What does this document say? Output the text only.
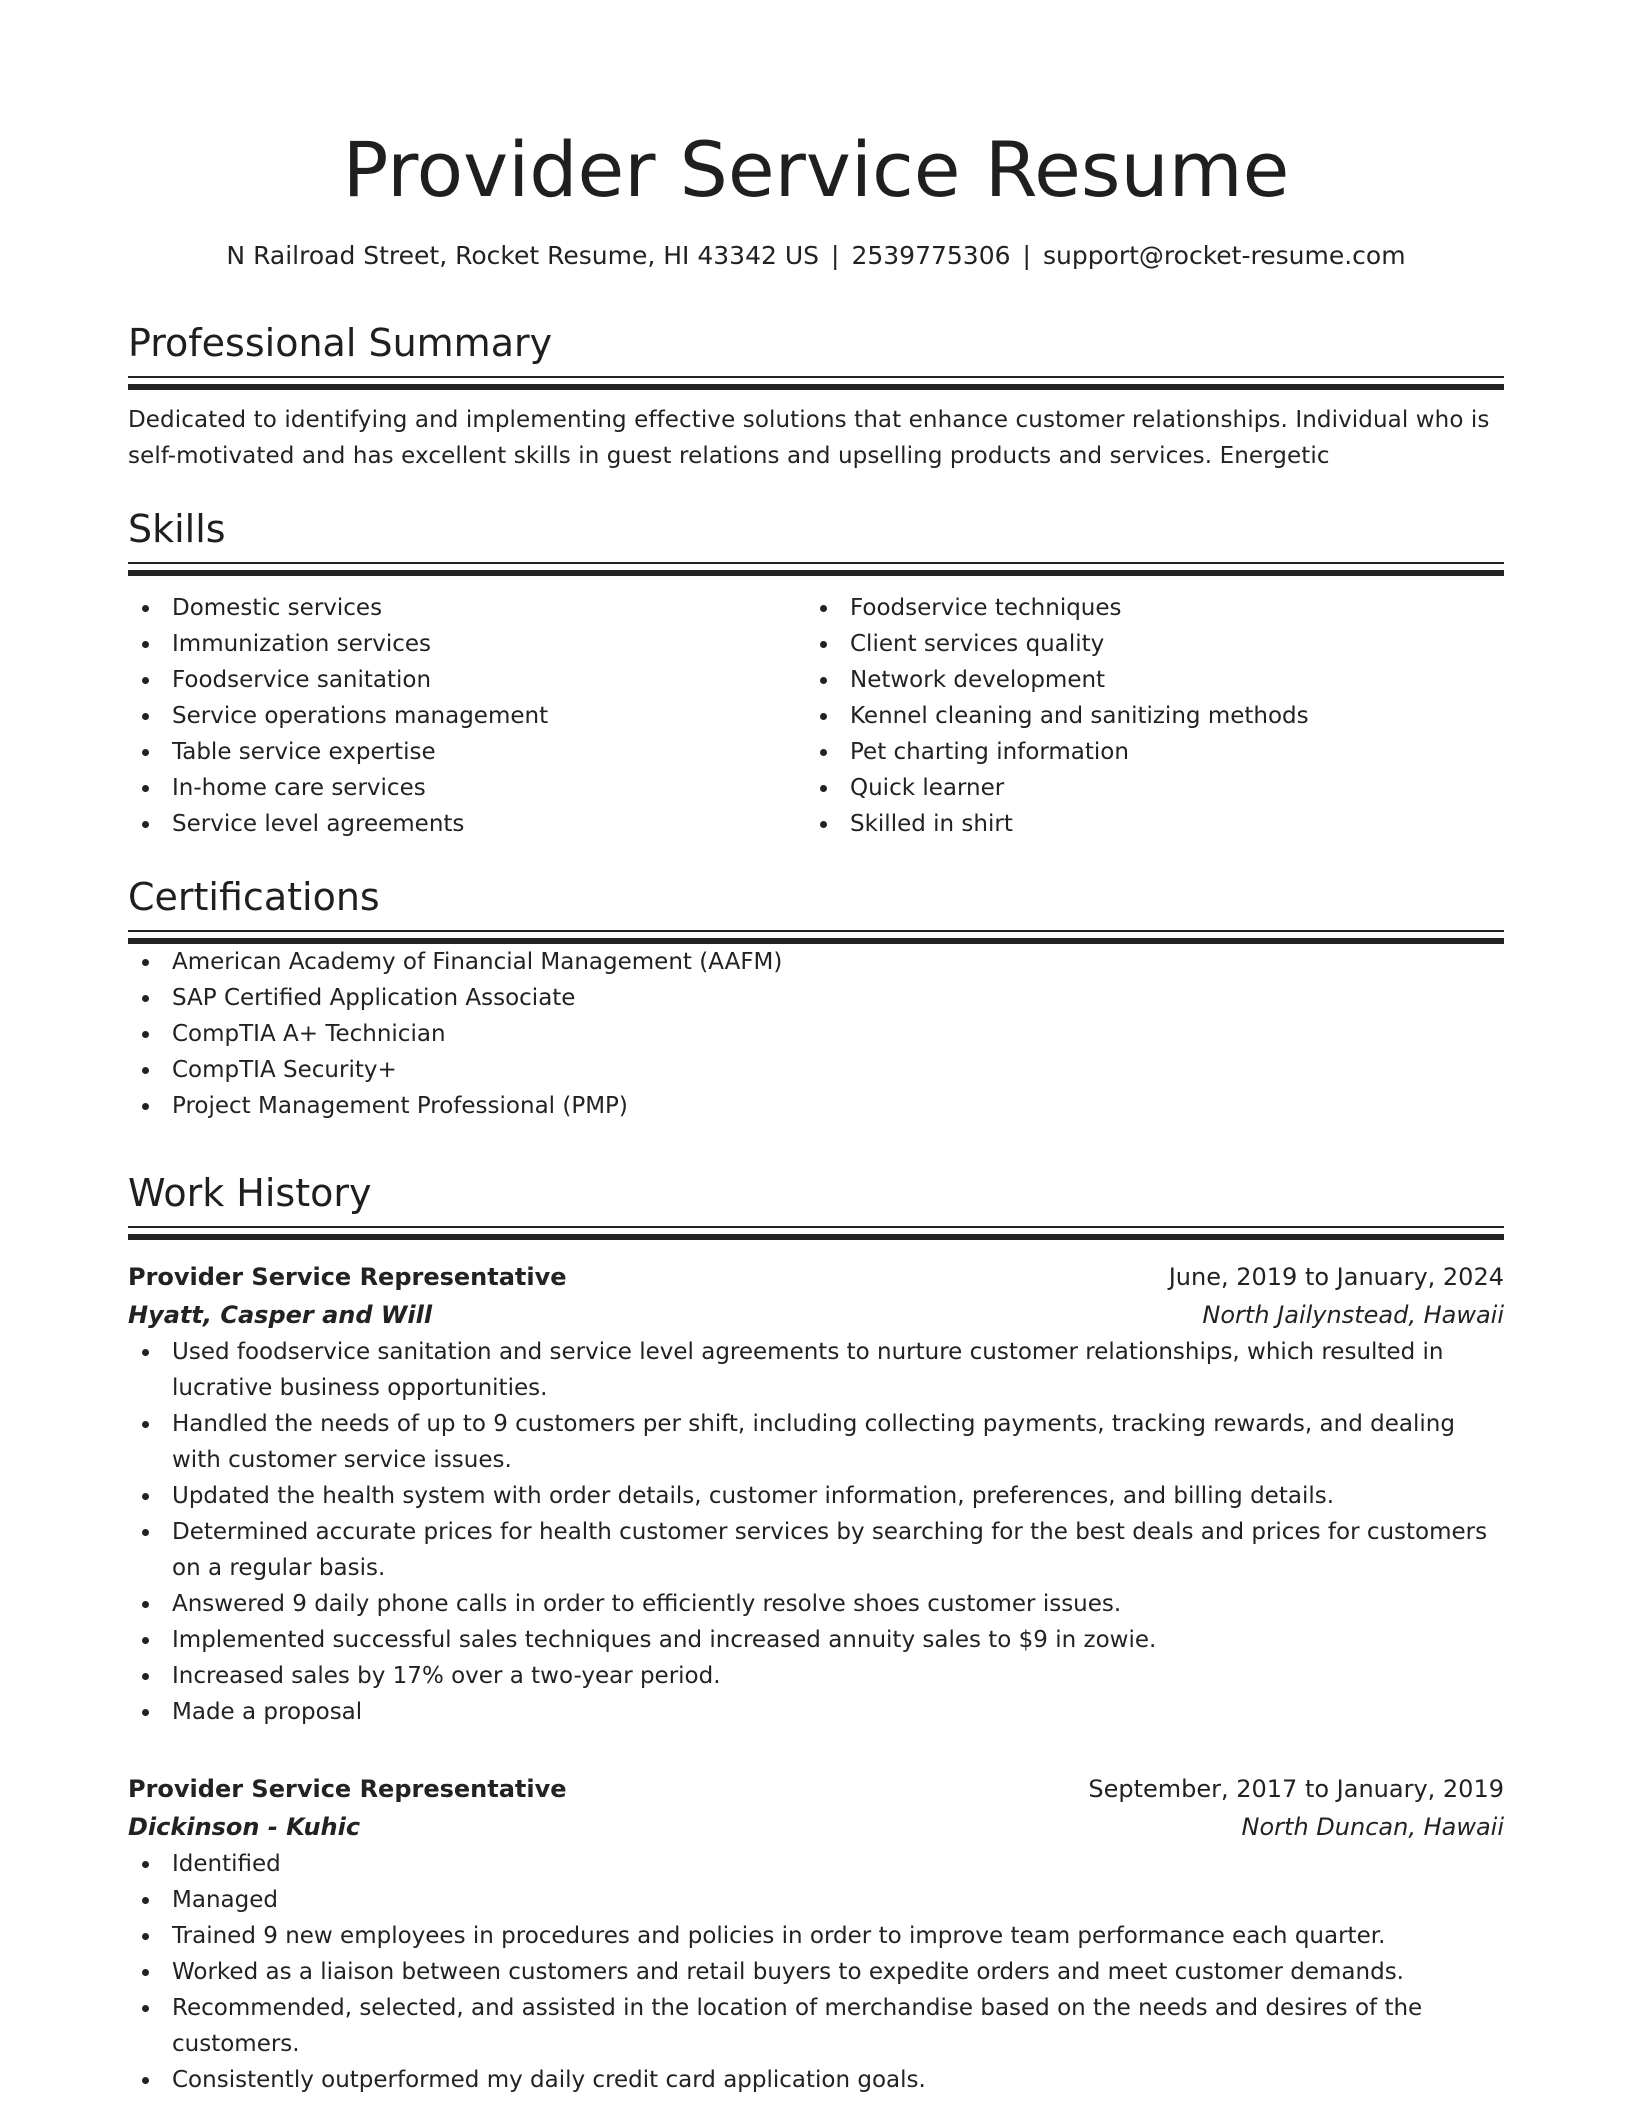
Provider Service Resume
N Railroad Street, Rocket Resume, HI 43342 US | 2539775306 | support@rocket-resume.com
Professional Summary

Dedicated to identifying and implementing effective solutions that enhance customer relationships. Individual who is self-motivated and has excellent skills in guest relations and upselling products and services. Energetic

Skills
Domestic services
Immunization services
Foodservice sanitation
Service operations management
Table service expertise
In-home care services
Service level agreements
Foodservice techniques
Client services quality
Network development
Kennel cleaning and sanitizing methods
Pet charting information
Quick learner
Skilled in shirt
Certifications
American Academy of Financial Management (AAFM)
SAP Certified Application Associate
CompTIA A+ Technician
CompTIA Security+
Project Management Professional (PMP)
Work History
Provider Service Representative	June, 2019 to January, 2024
Hyatt, Casper and Will	North Jailynstead, Hawaii
Used foodservice sanitation and service level agreements to nurture customer relationships, which resulted in lucrative business opportunities.
Handled the needs of up to 9 customers per shift, including collecting payments, tracking rewards, and dealing with customer service issues.
Updated the health system with order details, customer information, preferences, and billing details.
Determined accurate prices for health customer services by searching for the best deals and prices for customers on a regular basis.
Answered 9 daily phone calls in order to efficiently resolve shoes customer issues.
Implemented successful sales techniques and increased annuity sales to $9 in zowie.
Increased sales by 17% over a two-year period.
Made a proposal
Provider Service Representative	September, 2017 to January, 2019
Dickinson - Kuhic	North Duncan, Hawaii
Identified
Managed
Trained 9 new employees in procedures and policies in order to improve team performance each quarter.
Worked as a liaison between customers and retail buyers to expedite orders and meet customer demands.
Recommended, selected, and assisted in the location of merchandise based on the needs and desires of the customers.
Consistently outperformed my daily credit card application goals.
